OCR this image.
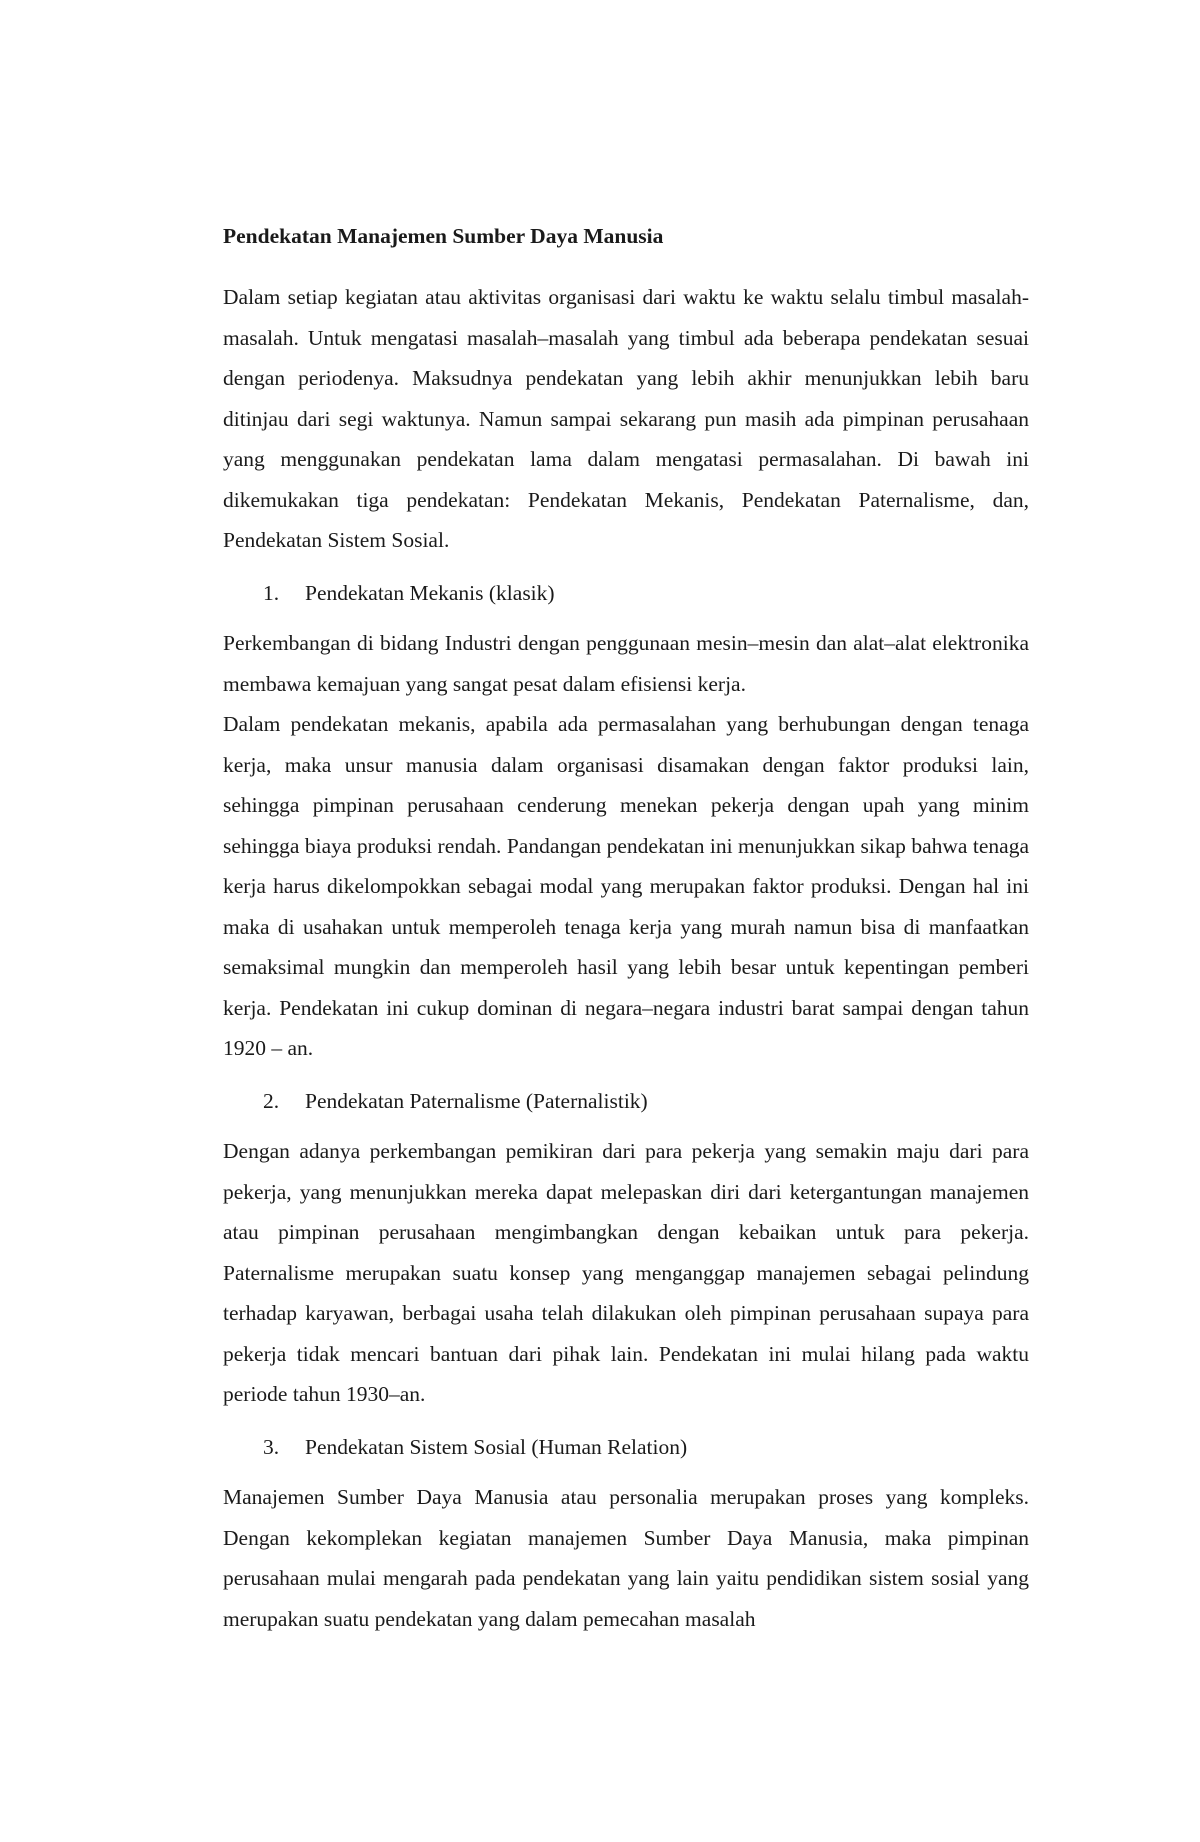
Pendekatan Manajemen Sumber Daya Manusia

Dalam setiap kegiatan atau aktivitas organisasi dari waktu ke waktu selalu timbul masalah-masalah. Untuk mengatasi masalah–masalah yang timbul ada beberapa pendekatan sesuai dengan periodenya. Maksudnya pendekatan yang lebih akhir menunjukkan lebih baru ditinjau dari segi waktunya. Namun sampai sekarang pun masih ada pimpinan perusahaan yang menggunakan pendekatan lama dalam mengatasi permasalahan. Di bawah ini dikemukakan tiga pendekatan: Pendekatan Mekanis, Pendekatan Paternalisme, dan, Pendekatan Sistem Sosial.

1.	Pendekatan Mekanis (klasik)

Perkembangan di bidang Industri dengan penggunaan mesin–mesin dan alat–alat elektronika membawa kemajuan yang sangat pesat dalam efisiensi kerja.

Dalam pendekatan mekanis, apabila ada permasalahan yang berhubungan dengan tenaga kerja, maka unsur manusia dalam organisasi disamakan dengan faktor produksi lain, sehingga pimpinan perusahaan cenderung menekan pekerja dengan upah yang minim sehingga biaya produksi rendah. Pandangan pendekatan ini menunjukkan sikap bahwa tenaga kerja harus dikelompokkan sebagai modal yang merupakan faktor produksi. Dengan hal ini maka di usahakan untuk memperoleh tenaga kerja yang murah namun bisa di manfaatkan semaksimal mungkin dan memperoleh hasil yang lebih besar untuk kepentingan pemberi kerja. Pendekatan ini cukup dominan di negara–negara industri barat sampai dengan tahun 1920 – an.

2.	Pendekatan Paternalisme (Paternalistik)

Dengan adanya perkembangan pemikiran dari para pekerja yang semakin maju dari para pekerja, yang menunjukkan mereka dapat melepaskan diri dari ketergantungan manajemen atau pimpinan perusahaan mengimbangkan dengan kebaikan untuk para pekerja. Paternalisme merupakan suatu konsep yang menganggap manajemen sebagai pelindung terhadap karyawan, berbagai usaha telah dilakukan oleh pimpinan perusahaan supaya para pekerja tidak mencari bantuan dari pihak lain. Pendekatan ini mulai hilang pada waktu periode tahun 1930–an.

3.	Pendekatan Sistem Sosial (Human Relation)

Manajemen Sumber Daya Manusia atau personalia merupakan proses yang kompleks. Dengan kekomplekan kegiatan manajemen Sumber Daya Manusia, maka pimpinan perusahaan mulai mengarah pada pendekatan yang lain yaitu pendidikan sistem sosial yang merupakan suatu pendekatan yang dalam pemecahan masalah
